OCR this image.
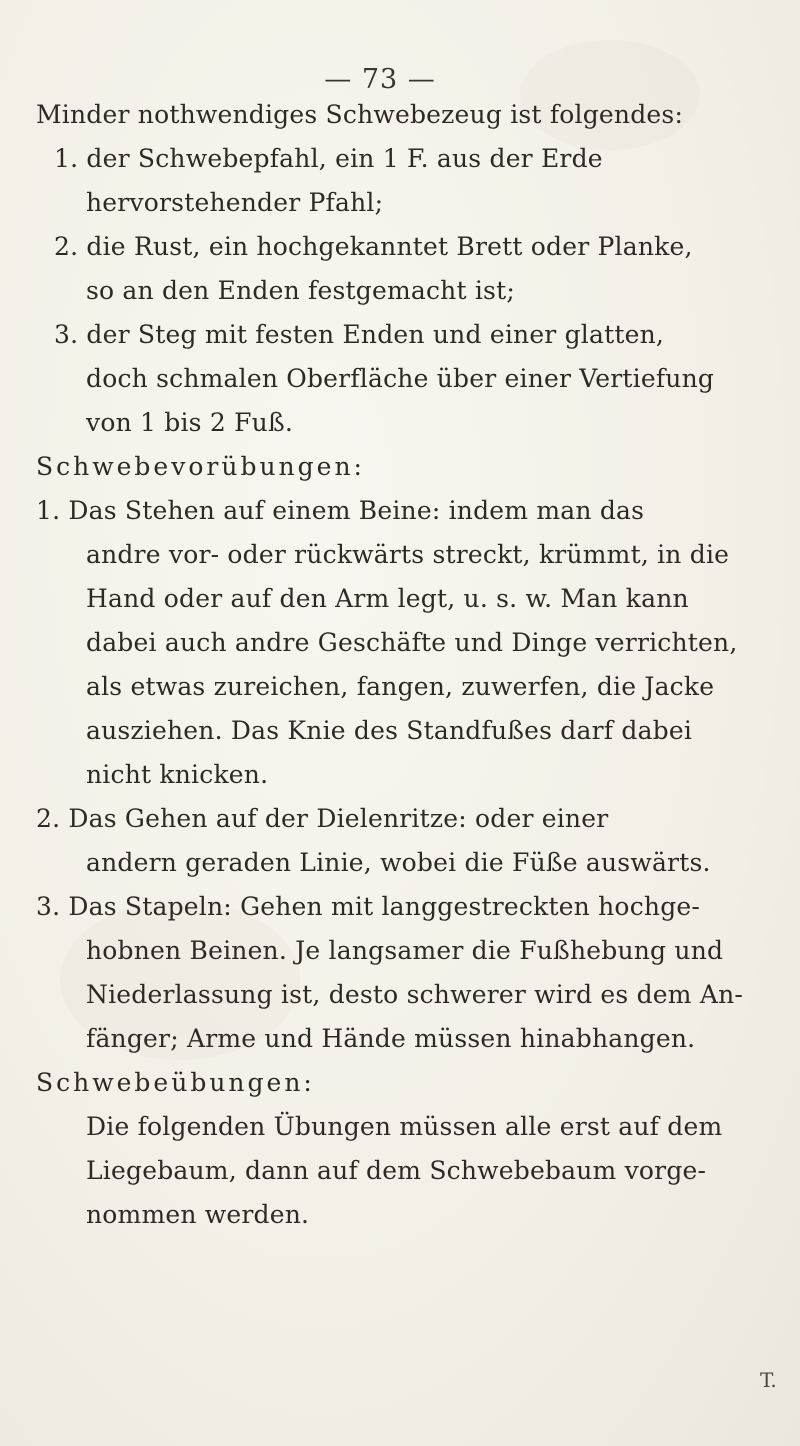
— 73 —
Minder nothwendiges Schwebezeug ist folgendes:
1. der Schwebepfahl, ein 1 F. aus der Erde
hervorstehender Pfahl;
2. die Rust, ein hochgekanntet Brett oder Planke,
so an den Enden festgemacht ist;
3. der Steg mit festen Enden und einer glatten,
doch schmalen Oberfläche über einer Vertiefung
von 1 bis 2 Fuß.
Schwebevorübungen:
1. Das Stehen auf einem Beine: indem man das
andre vor- oder rückwärts streckt, krümmt, in die
Hand oder auf den Arm legt, u. s. w. Man kann
dabei auch andre Geschäfte und Dinge verrichten,
als etwas zureichen, fangen, zuwerfen, die Jacke
ausziehen. Das Knie des Standfußes darf dabei
nicht knicken.
2. Das Gehen auf der Dielenritze: oder einer
andern geraden Linie, wobei die Füße auswärts.
3. Das Stapeln: Gehen mit langgestreckten hochge-
hobnen Beinen. Je langsamer die Fußhebung und
Niederlassung ist, desto schwerer wird es dem An-
fänger; Arme und Hände müssen hinabhangen.
Schwebeübungen:
Die folgenden Übungen müssen alle erst auf dem
Liegebaum, dann auf dem Schwebebaum vorge-
nommen werden.
T.
